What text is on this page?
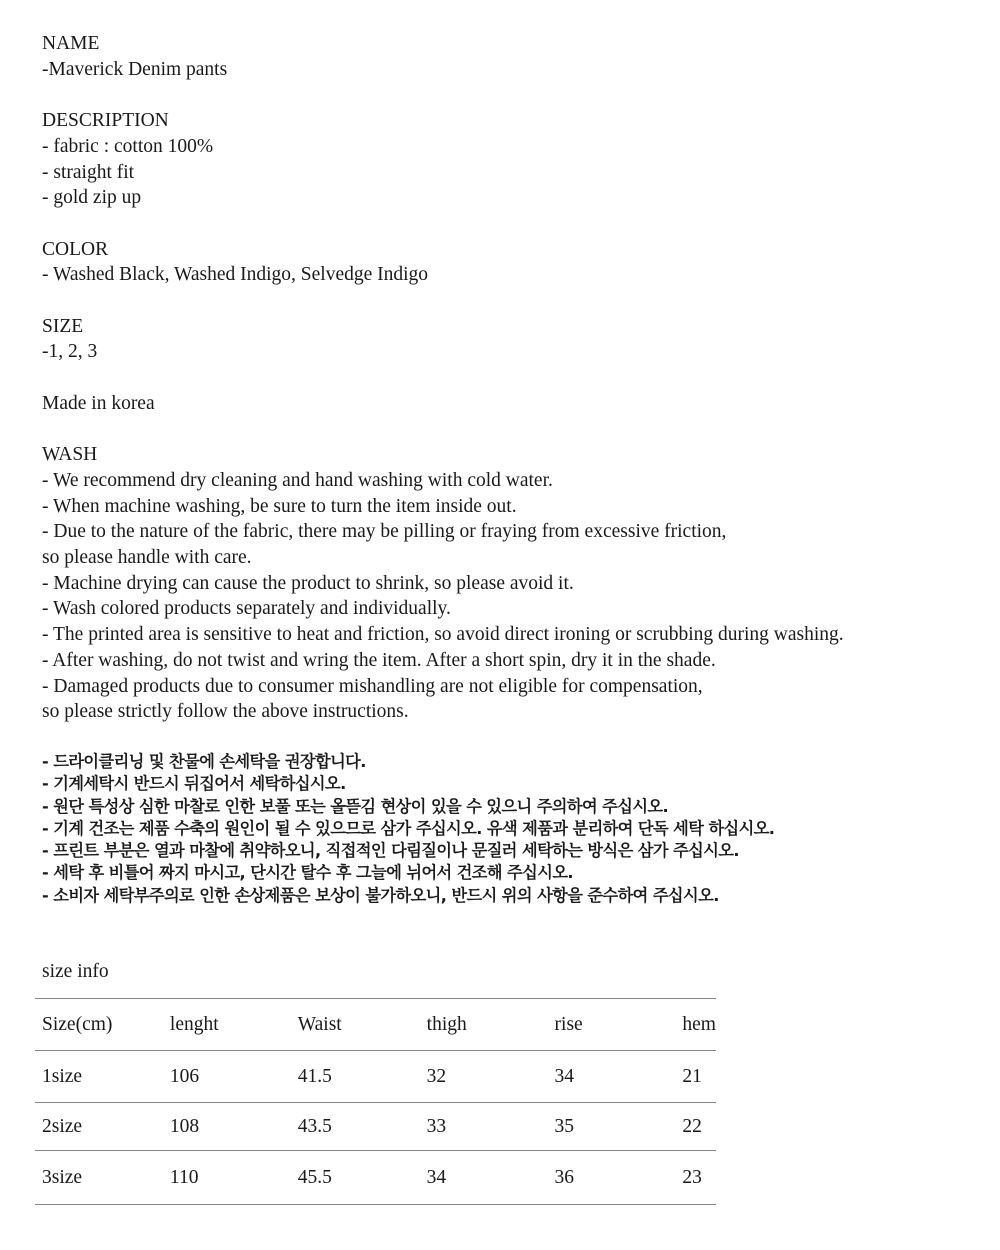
NAME
-Maverick Denim pants
DESCRIPTION
- fabric : cotton 100%
- straight fit
- gold zip up
COLOR
- Washed Black, Washed Indigo, Selvedge Indigo
SIZE
-1, 2, 3
Made in korea
WASH
- We recommend dry cleaning and hand washing with cold water.
- When machine washing, be sure to turn the item inside out.
- Due to the nature of the fabric, there may be pilling or fraying from excessive friction,
so please handle with care.
- Machine drying can cause the product to shrink, so please avoid it.
- Wash colored products separately and individually.
- The printed area is sensitive to heat and friction, so avoid direct ironing or scrubbing during washing.
- After washing, do not twist and wring the item. After a short spin, dry it in the shade.
- Damaged products due to consumer mishandling are not eligible for compensation,
so please strictly follow the above instructions.
- 드라이클리닝 및 찬물에 손세탁을 권장합니다.
- 기계세탁시 반드시 뒤집어서 세탁하십시오.
- 원단 특성상 심한 마찰로 인한 보풀 또는 올뜯김 현상이 있을 수 있으니 주의하여 주십시오.
- 기계 건조는 제품 수축의 원인이 될 수 있으므로 삼가 주십시오. 유색 제품과 분리하여 단독 세탁 하십시오.
- 프린트 부분은 열과 마찰에 취약하오니, 직접적인 다림질이나 문질러 세탁하는 방식은 삼가 주십시오.
- 세탁 후 비틀어 짜지 마시고, 단시간 탈수 후 그늘에 뉘어서 건조해 주십시오.
- 소비자 세탁부주의로 인한 손상제품은 보상이 불가하오니, 반드시 위의 사항을 준수하여 주십시오.
size info
Size(cm)	lenght	Waist	thigh	rise	hem
1size	106	41.5	32	34	21
2size	108	43.5	33	35	22
3size	110	45.5	34	36	23
